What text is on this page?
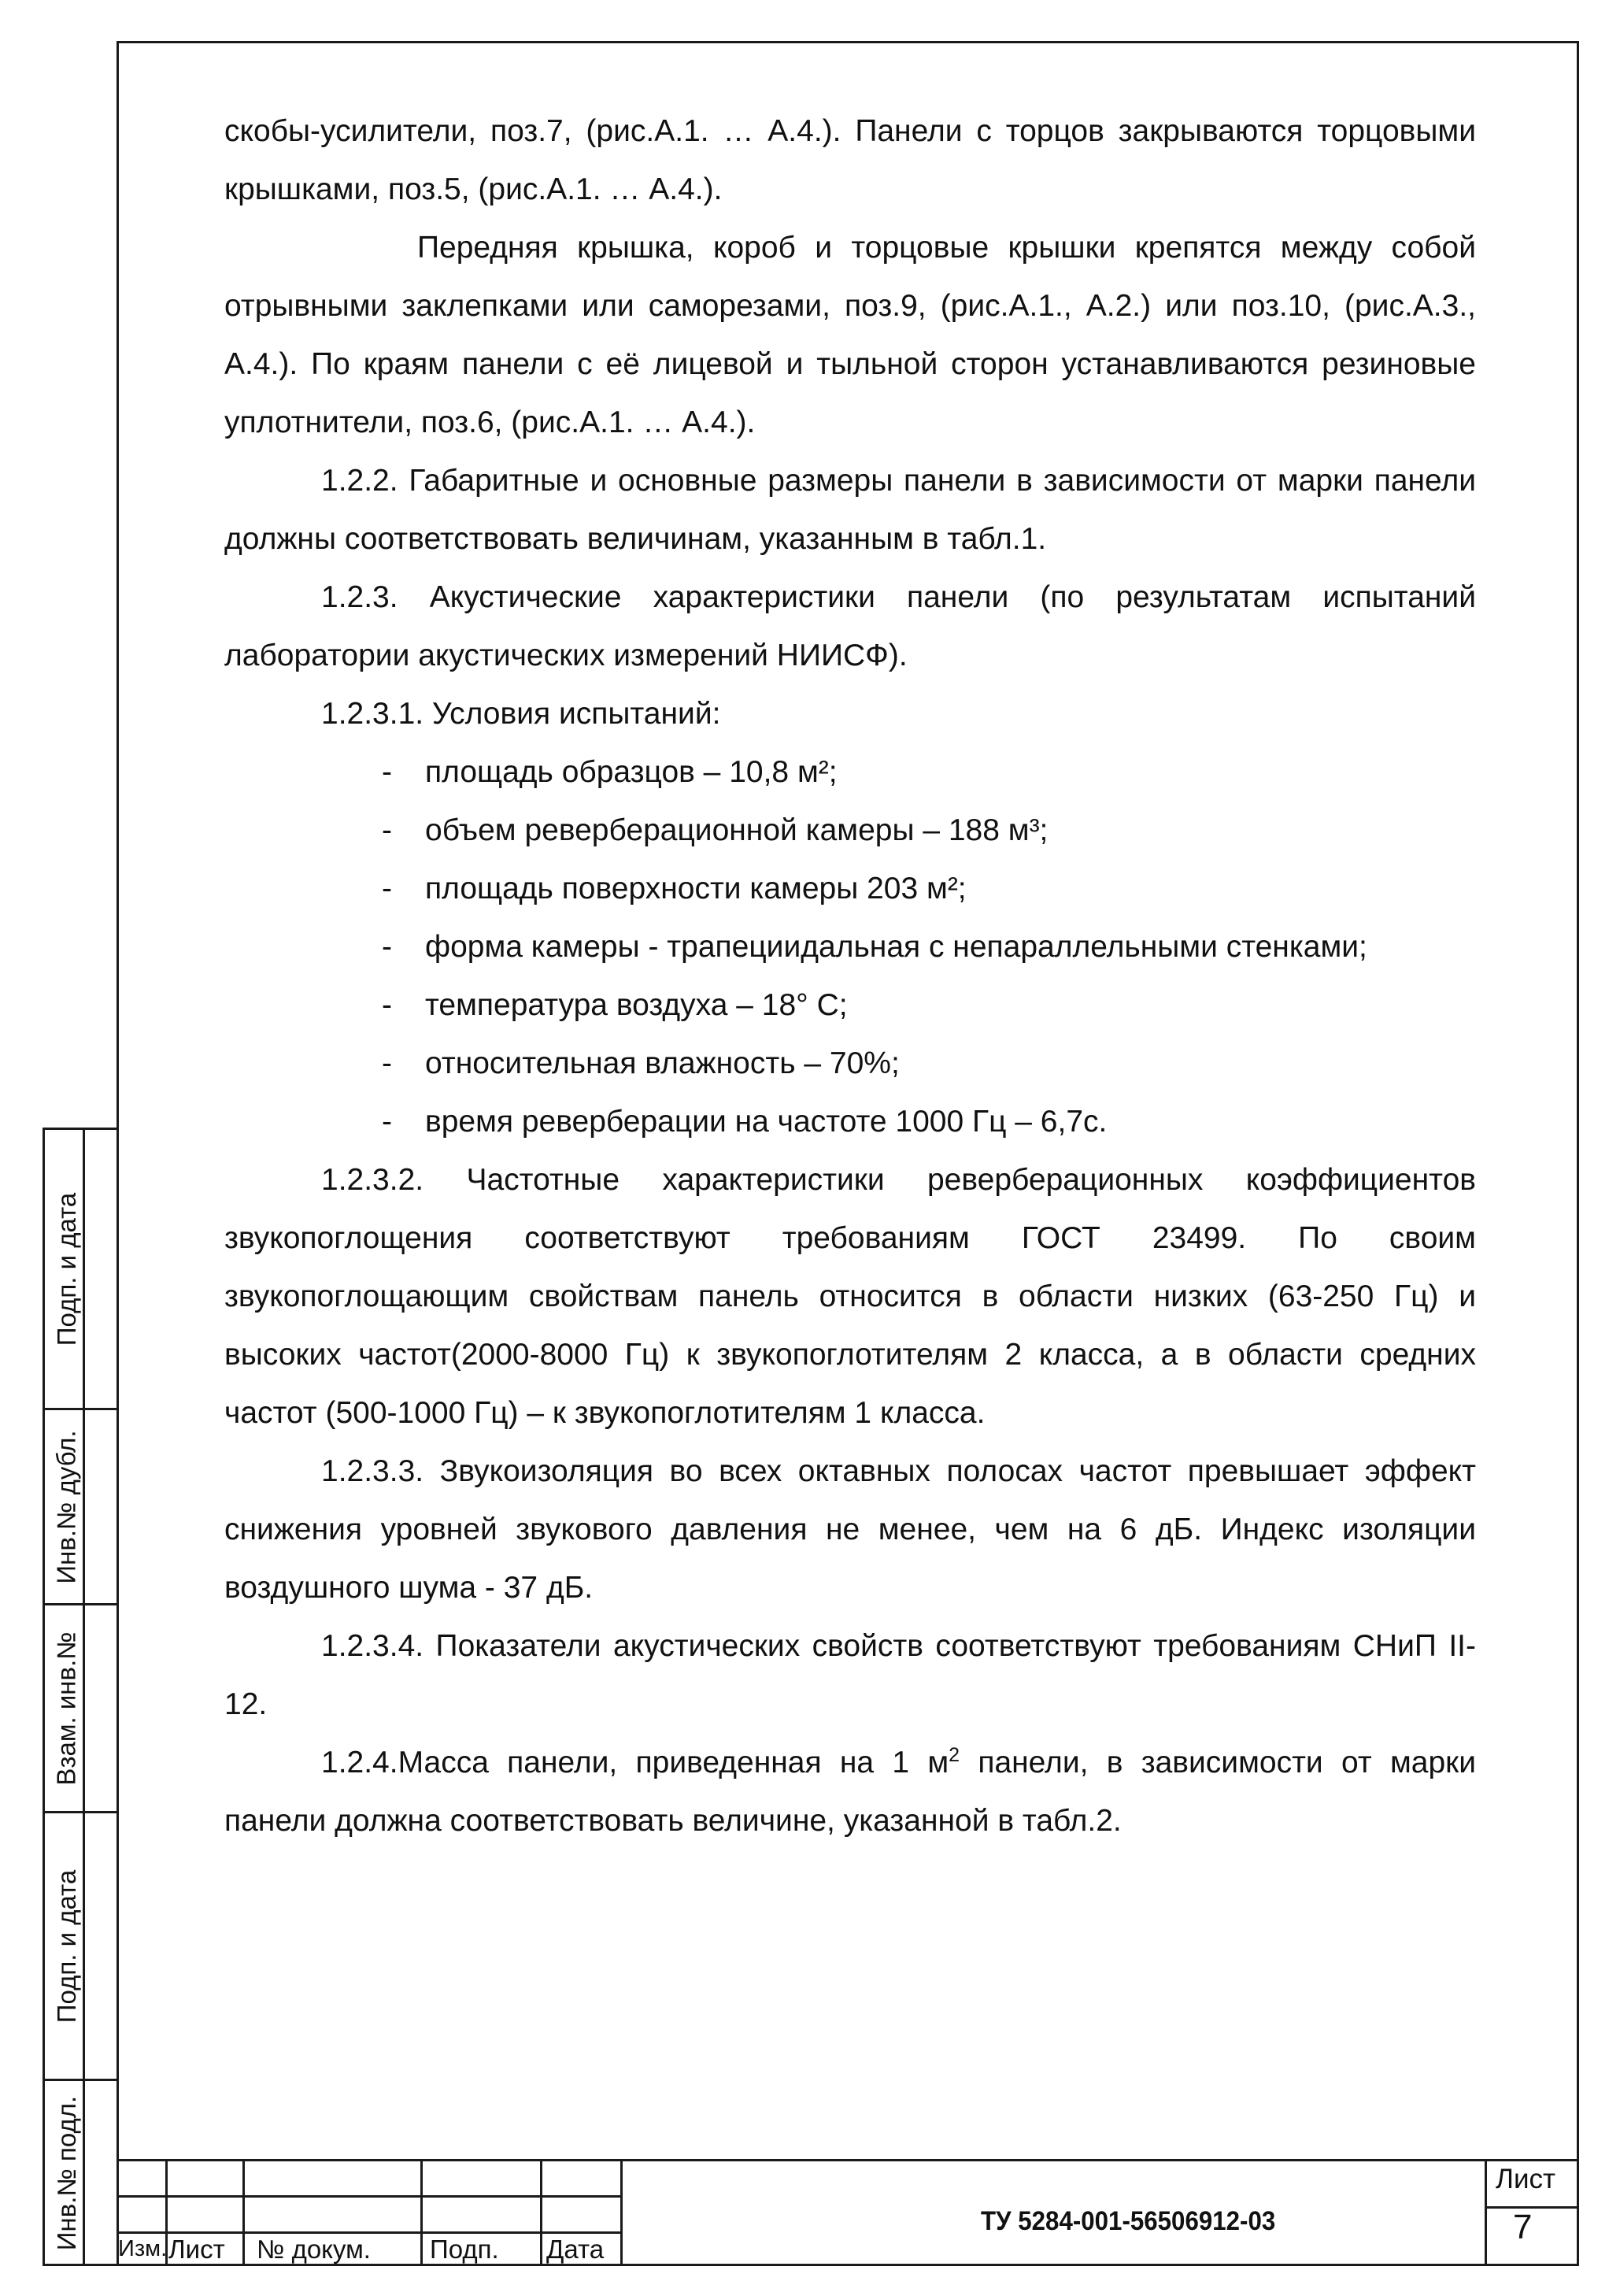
скобы-усилители, поз.7, (рис.А.1. … А.4.). Панели с торцов закрываются торцовыми крышками, поз.5, (рис.А.1. … А.4.).

Передняя крышка, короб и торцовые крышки крепятся между собой отрывными заклепками или саморезами, поз.9, (рис.А.1., А.2.) или поз.10, (рис.А.3., А.4.). По краям панели с её лицевой и тыльной сторон устанавливаются резиновые уплотнители, поз.6, (рис.А.1. … А.4.).

1.2.2. Габаритные и основные размеры панели в зависимости от марки панели должны соответствовать величинам, указанным в табл.1.

1.2.3. Акустические характеристики панели (по результатам испытаний лаборатории акустических измерений НИИСФ).

1.2.3.1. Условия испытаний:

- площадь образцов – 10,8 м²;
- объем реверберационной камеры – 188 м³;
- площадь поверхности камеры 203 м²;
- форма камеры - трапециидальная с непараллельными стенками;
- температура воздуха – 18° С;
- относительная влажность – 70%;
- время реверберации на частоте 1000 Гц – 6,7с.

1.2.3.2. Частотные характеристики реверберационных коэффициентов звукопоглощения соответствуют требованиям ГОСТ 23499. По своим звукопоглощающим свойствам панель относится в области низких (63-250 Гц) и высоких частот(2000-8000 Гц) к звукопоглотителям 2 класса, а в области средних частот (500-1000 Гц) – к звукопоглотителям 1 класса.

1.2.3.3. Звукоизоляция во всех октавных полосах частот превышает эффект снижения уровней звукового давления не менее, чем на 6 дБ. Индекс изоляции воздушного шума - 37 дБ.

1.2.3.4. Показатели акустических свойств соответствуют требованиям СНиП II-12.

1.2.4.Масса панели, приведенная на 1 $м^2$ панели, в зависимости от марки панели должна соответствовать величине, указанной в табл.2.

Подп. и дата
Инв.№ дубл.
Взам. инв.№
Подп. и дата
Инв.№ подл. Изм. Лист № докум. Подп. Дата
ТУ 5284-001-56506912-03
Лист
7
